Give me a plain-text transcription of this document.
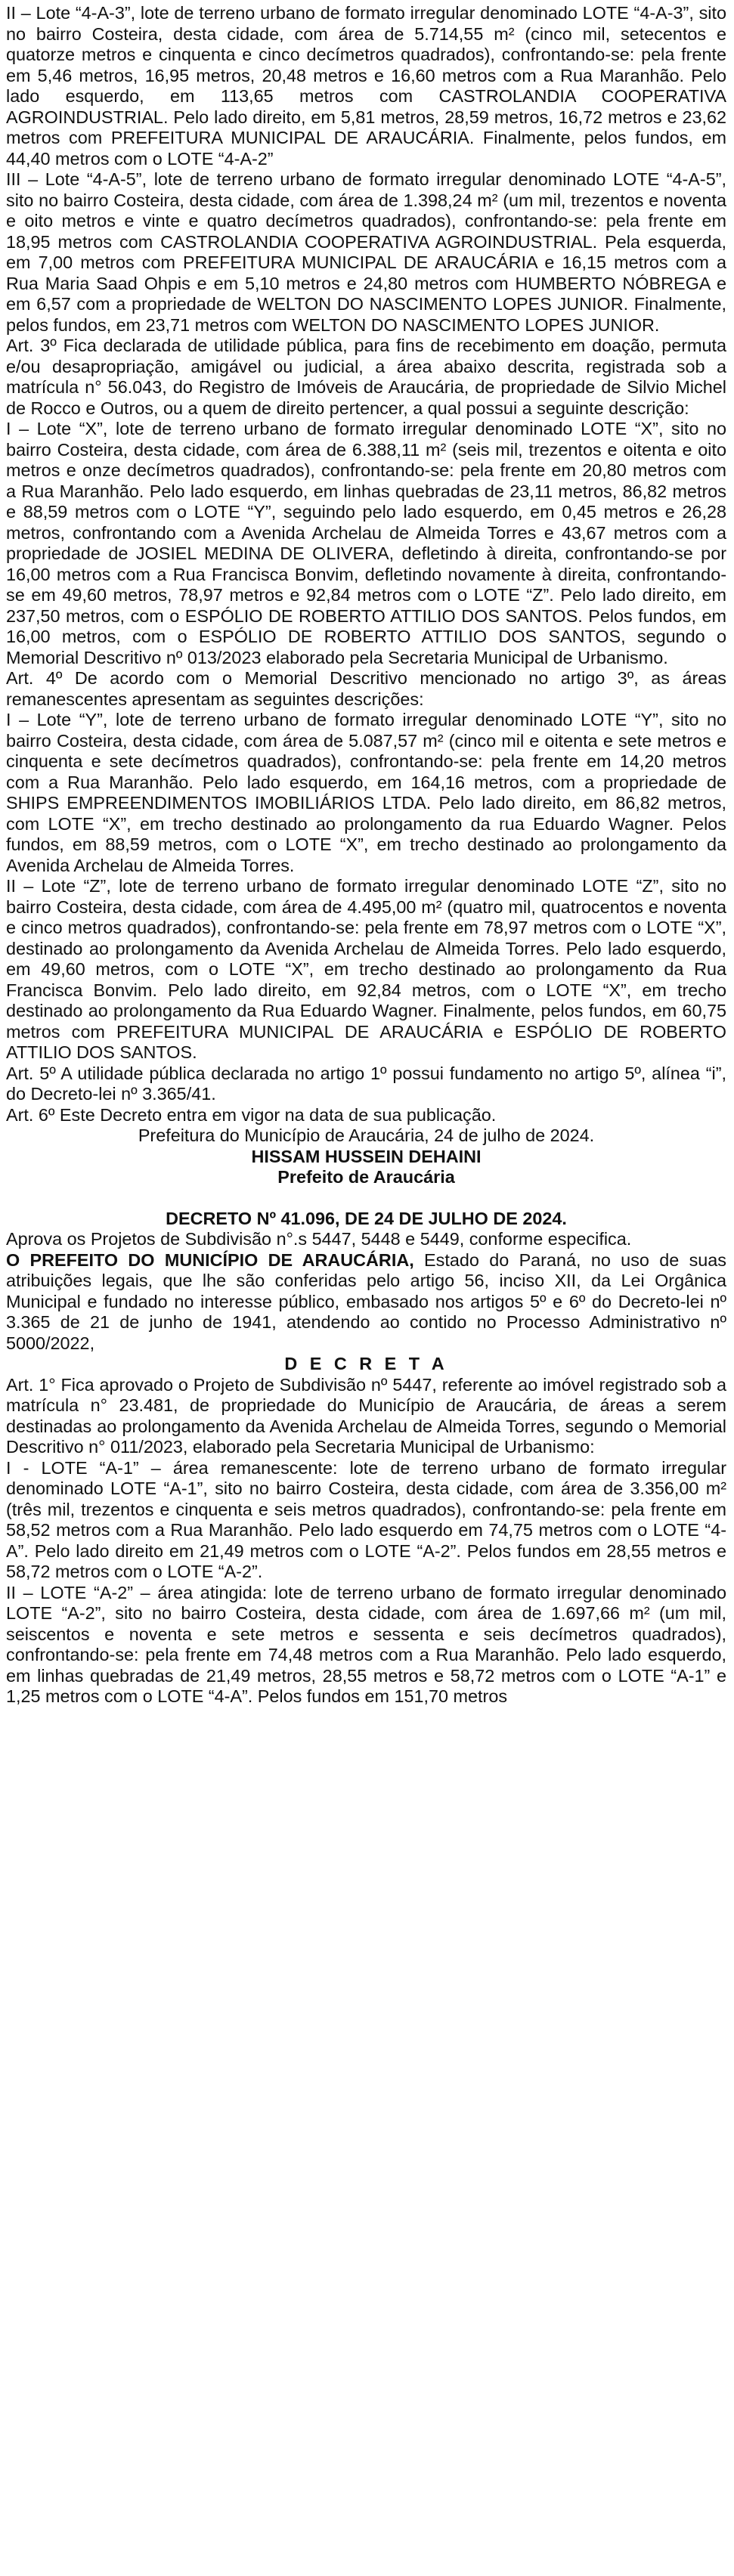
II – Lote “4-A-3”, lote de terreno urbano de formato irregular denominado LOTE “4-A-3”, sito no bairro Costeira, desta cidade, com área de 5.714,55 m² (cinco mil, setecentos e quatorze metros e cinquenta e cinco decímetros quadrados), confrontando-se: pela frente em 5,46 metros, 16,95 metros, 20,48 metros e 16,60 metros com a Rua Maranhão. Pelo lado esquerdo, em 113,65 metros com CASTROLANDIA COOPERATIVA AGROINDUSTRIAL. Pelo lado direito, em 5,81 metros, 28,59 metros, 16,72 metros e 23,62 metros com PREFEITURA MUNICIPAL DE ARAUCÁRIA. Finalmente, pelos fundos, em 44,40 metros com o LOTE “4-A-2”

III – Lote “4-A-5”, lote de terreno urbano de formato irregular denominado LOTE “4-A-5”, sito no bairro Costeira, desta cidade, com área de 1.398,24 m² (um mil, trezentos e noventa e oito metros e vinte e quatro decímetros quadrados), confrontando-se: pela frente em 18,95 metros com CASTROLANDIA COOPERATIVA AGROINDUSTRIAL. Pela esquerda, em 7,00 metros com PREFEITURA MUNICIPAL DE ARAUCÁRIA e 16,15 metros com a Rua Maria Saad Ohpis e em 5,10 metros e 24,80 metros com HUMBERTO NÓBREGA e em 6,57 com a propriedade de WELTON DO NASCIMENTO LOPES JUNIOR. Finalmente, pelos fundos, em 23,71 metros com WELTON DO NASCIMENTO LOPES JUNIOR.

Art. 3º Fica declarada de utilidade pública, para fins de recebimento em doação, permuta e/ou desapropriação, amigável ou judicial, a área abaixo descrita, registrada sob a matrícula n° 56.043, do Registro de Imóveis de Araucária, de propriedade de Silvio Michel de Rocco e Outros, ou a quem de direito pertencer, a qual possui a seguinte descrição:

I – Lote “X”, lote de terreno urbano de formato irregular denominado LOTE “X”, sito no bairro Costeira, desta cidade, com área de 6.388,11 m² (seis mil, trezentos e oitenta e oito metros e onze decímetros quadrados), confrontando-se: pela frente em 20,80 metros com a Rua Maranhão. Pelo lado esquerdo, em linhas quebradas de 23,11 metros, 86,82 metros e 88,59 metros com o LOTE “Y”, seguindo pelo lado esquerdo, em 0,45 metros e 26,28 metros, confrontando com a Avenida Archelau de Almeida Torres e 43,67 metros com a propriedade de JOSIEL MEDINA DE OLIVERA, defletindo à direita, confrontando-se por 16,00 metros com a Rua Francisca Bonvim, defletindo novamente à direita, confrontando-se em 49,60 metros, 78,97 metros e 92,84 metros com o LOTE “Z”. Pelo lado direito, em 237,50 metros, com o ESPÓLIO DE ROBERTO ATTILIO DOS SANTOS. Pelos fundos, em 16,00 metros, com o ESPÓLIO DE ROBERTO ATTILIO DOS SANTOS, segundo o Memorial Descritivo nº 013/2023 elaborado pela Secretaria Municipal de Urbanismo.

Art. 4º De acordo com o Memorial Descritivo mencionado no artigo 3º, as áreas remanescentes apresentam as seguintes descrições:

I – Lote “Y”, lote de terreno urbano de formato irregular denominado LOTE “Y”, sito no bairro Costeira, desta cidade, com área de 5.087,57 m² (cinco mil e oitenta e sete metros e cinquenta e sete decímetros quadrados), confrontando-se: pela frente em 14,20 metros com a Rua Maranhão. Pelo lado esquerdo, em 164,16 metros, com a propriedade de SHIPS EMPREENDIMENTOS IMOBILIÁRIOS LTDA. Pelo lado direito, em 86,82 metros, com LOTE “X”, em trecho destinado ao prolongamento da rua Eduardo Wagner. Pelos fundos, em 88,59 metros, com o LOTE “X”, em trecho destinado ao prolongamento da Avenida Archelau de Almeida Torres.

II – Lote “Z”, lote de terreno urbano de formato irregular denominado LOTE “Z”, sito no bairro Costeira, desta cidade, com área de 4.495,00 m² (quatro mil, quatrocentos e noventa e cinco metros quadrados), confrontando-se: pela frente em 78,97 metros com o LOTE “X”, destinado ao prolongamento da Avenida Archelau de Almeida Torres. Pelo lado esquerdo, em 49,60 metros, com o LOTE “X”, em trecho destinado ao prolongamento da Rua Francisca Bonvim. Pelo lado direito, em 92,84 metros, com o LOTE “X”, em trecho destinado ao prolongamento da Rua Eduardo Wagner. Finalmente, pelos fundos, em 60,75 metros com PREFEITURA MUNICIPAL DE ARAUCÁRIA e ESPÓLIO DE ROBERTO ATTILIO DOS SANTOS.

Art. 5º A utilidade pública declarada no artigo 1º possui fundamento no artigo 5º, alínea “i”, do Decreto-lei nº 3.365/41.

Art. 6º Este Decreto entra em vigor na data de sua publicação.

Prefeitura do Município de Araucária, 24 de julho de 2024.

HISSAM HUSSEIN DEHAINI

Prefeito de Araucária

DECRETO Nº 41.096, DE 24 DE JULHO DE 2024.

Aprova os Projetos de Subdivisão n°.s 5447, 5448 e 5449, conforme especifica.

O PREFEITO DO MUNICÍPIO DE ARAUCÁRIA, Estado do Paraná, no uso de suas atribuições legais, que lhe são conferidas pelo artigo 56, inciso XII, da Lei Orgânica Municipal e fundado no interesse público, embasado nos artigos 5º e 6º do Decreto-lei nº 3.365 de 21 de junho de 1941, atendendo ao contido no Processo Administrativo nº 5000/2022,

D E C R E T A

Art. 1° Fica aprovado o Projeto de Subdivisão nº 5447, referente ao imóvel registrado sob a matrícula n° 23.481, de propriedade do Município de Araucária, de áreas a serem destinadas ao prolongamento da Avenida Archelau de Almeida Torres, segundo o Memorial Descritivo n° 011/2023, elaborado pela Secretaria Municipal de Urbanismo:

I - LOTE “A-1” – área remanescente: lote de terreno urbano de formato irregular denominado LOTE “A-1”, sito no bairro Costeira, desta cidade, com área de 3.356,00 m² (três mil, trezentos e cinquenta e seis metros quadrados), confrontando-se: pela frente em 58,52 metros com a Rua Maranhão. Pelo lado esquerdo em 74,75 metros com o LOTE “4-A”. Pelo lado direito em 21,49 metros com o LOTE “A-2”. Pelos fundos em 28,55 metros e 58,72 metros com o LOTE “A-2”.

II – LOTE “A-2” – área atingida: lote de terreno urbano de formato irregular denominado LOTE “A-2”, sito no bairro Costeira, desta cidade, com área de 1.697,66 m² (um mil, seiscentos e noventa e sete metros e sessenta e seis decímetros quadrados), confrontando-se: pela frente em 74,48 metros com a Rua Maranhão. Pelo lado esquerdo, em linhas quebradas de 21,49 metros, 28,55 metros e 58,72 metros com o LOTE “A-1” e 1,25 metros com o LOTE “4-A”. Pelos fundos em 151,70 metros
